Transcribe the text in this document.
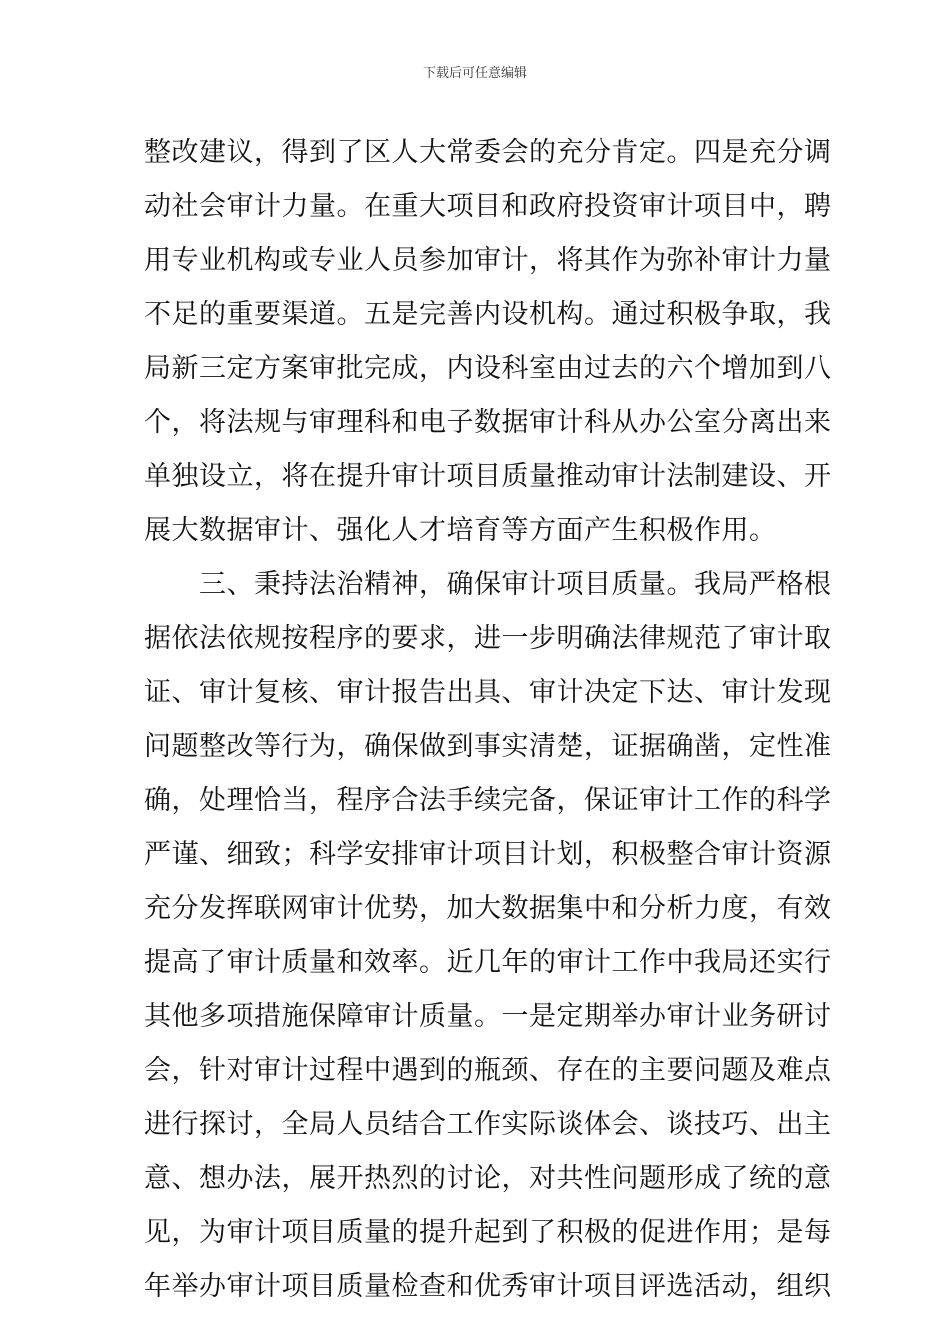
下载后可任意编辑
整改建议，得到了区人大常委会的充分肯定。四是充分调
动社会审计力量。在重大项目和政府投资审计项目中，聘
用专业机构或专业人员参加审计，将其作为弥补审计力量
不足的重要渠道。五是完善内设机构。通过积极争取，我
局新三定方案审批完成，内设科室由过去的六个增加到八
个，将法规与审理科和电子数据审计科从办公室分离出来
单独设立，将在提升审计项目质量推动审计法制建设、开
展大数据审计、强化人才培育等方面产生积极作用。
　　三、秉持法治精神，确保审计项目质量。我局严格根
据依法依规按程序的要求，进一步明确法律规范了审计取
证、审计复核、审计报告出具、审计决定下达、审计发现
问题整改等行为，确保做到事实清楚，证据确凿，定性准
确，处理恰当，程序合法手续完备，保证审计工作的科学
严谨、细致；科学安排审计项目计划，积极整合审计资源
充分发挥联网审计优势，加大数据集中和分析力度，有效
提高了审计质量和效率。近几年的审计工作中我局还实行
其他多项措施保障审计质量。一是定期举办审计业务研讨
会，针对审计过程中遇到的瓶颈、存在的主要问题及难点
进行探讨，全局人员结合工作实际谈体会、谈技巧、出主
意、想办法，展开热烈的讨论，对共性问题形成了统的意
见，为审计项目质量的提升起到了积极的促进作用；是每
年举办审计项目质量检查和优秀审计项目评选活动，组织
